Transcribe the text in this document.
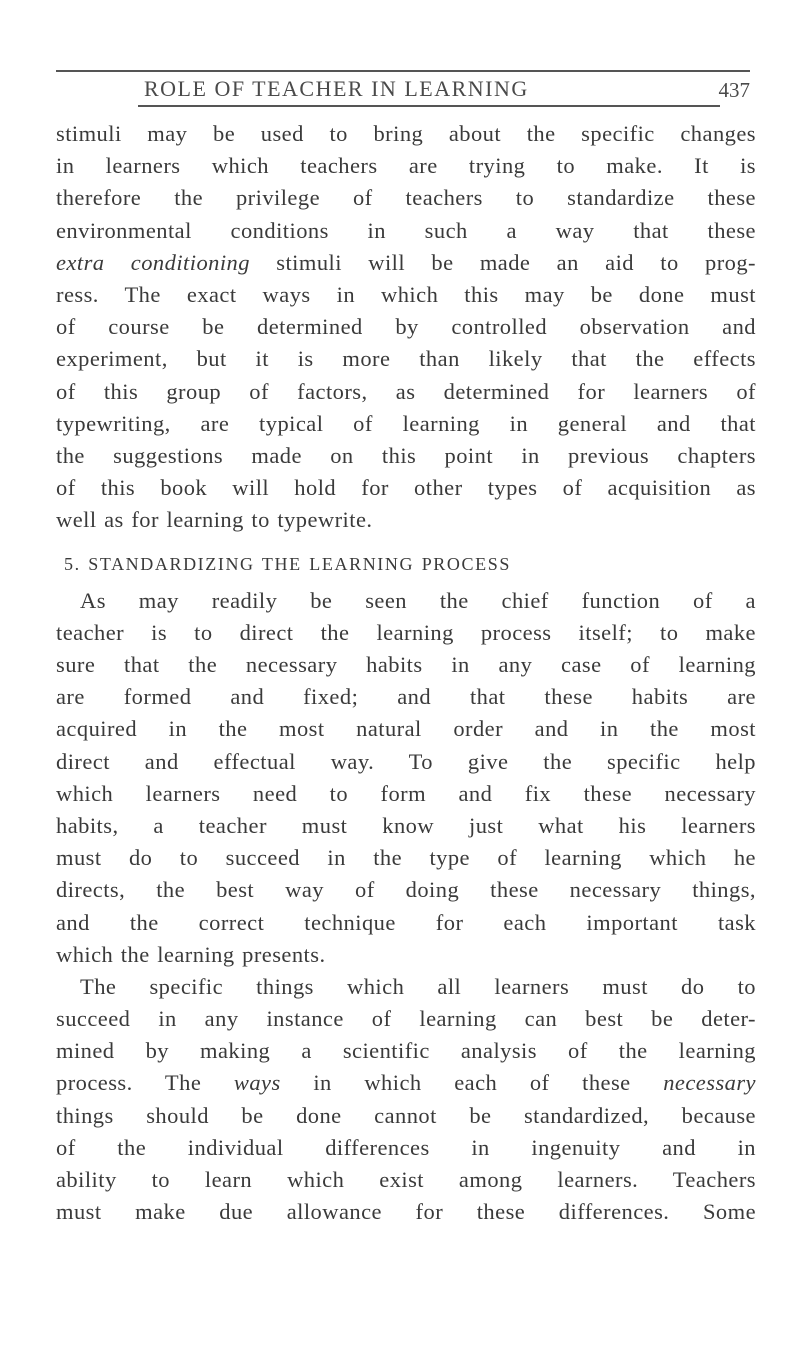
ROLE OF TEACHER IN LEARNING	437
stimuli may be used to bring about the specific changes
in learners which teachers are trying to make. It is
therefore the privilege of teachers to standardize these
environmental conditions in such a way that these
extra conditioning stimuli will be made an aid to prog-
ress. The exact ways in which this may be done must
of course be determined by controlled observation and
experiment, but it is more than likely that the effects
of this group of factors, as determined for learners of
typewriting, are typical of learning in general and that
the suggestions made on this point in previous chapters
of this book will hold for other types of acquisition as
well as for learning to typewrite.
5. STANDARDIZING THE LEARNING PROCESS
As may readily be seen the chief function of a
teacher is to direct the learning process itself; to make
sure that the necessary habits in any case of learning
are formed and fixed; and that these habits are
acquired in the most natural order and in the most
direct and effectual way. To give the specific help
which learners need to form and fix these necessary
habits, a teacher must know just what his learners
must do to succeed in the type of learning which he
directs, the best way of doing these necessary things,
and the correct technique for each important task
which the learning presents.
The specific things which all learners must do to
succeed in any instance of learning can best be deter-
mined by making a scientific analysis of the learning
process. The ways in which each of these necessary
things should be done cannot be standardized, because
of the individual differences in ingenuity and in
ability to learn which exist among learners. Teachers
must make due allowance for these differences. Some
